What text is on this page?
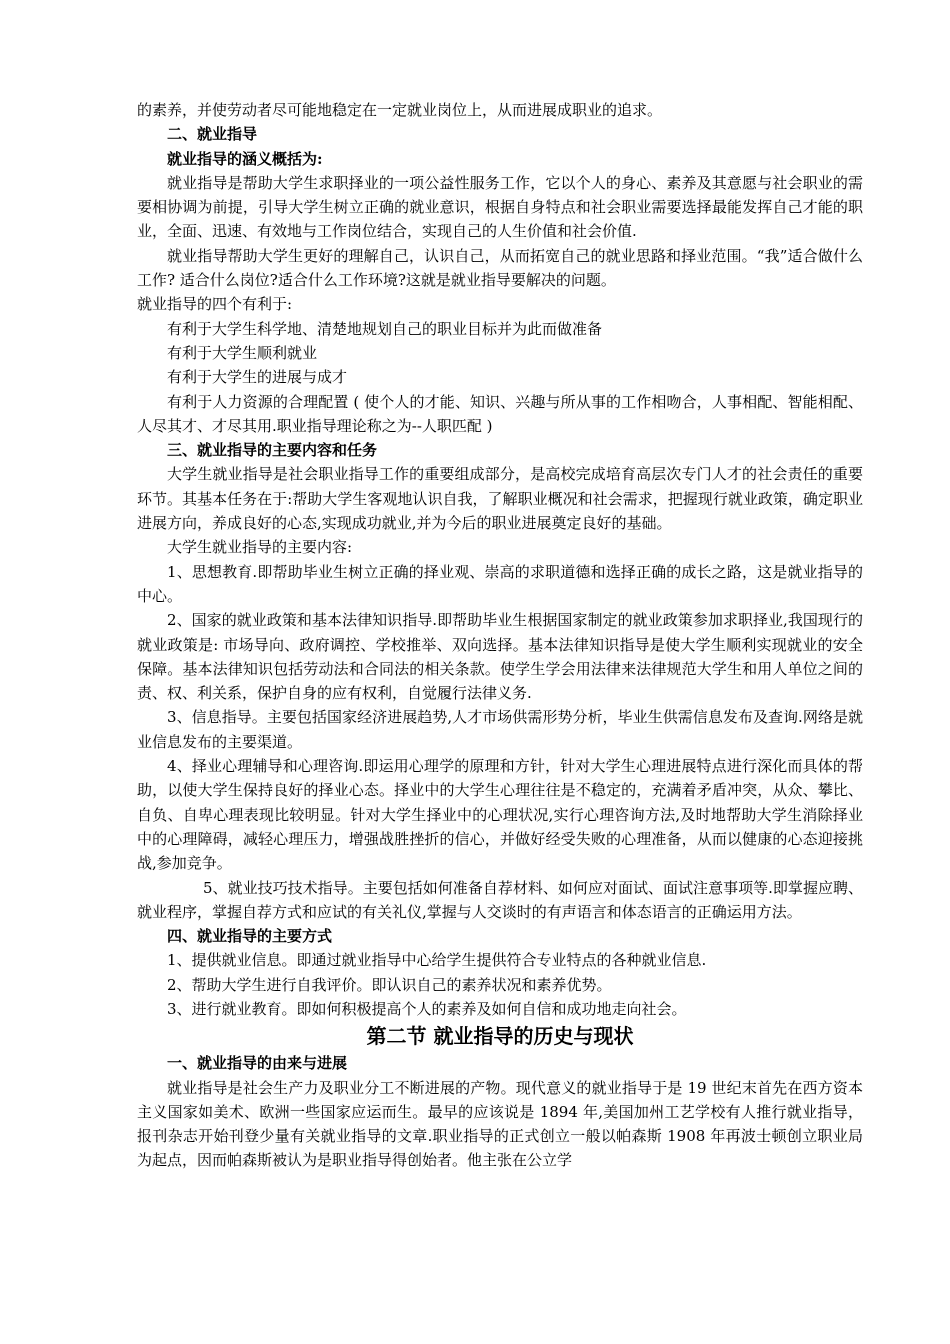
的素养，并使劳动者尽可能地稳定在一定就业岗位上，从而进展成职业的追求。

二、就业指导

就业指导的涵义概括为:

就业指导是帮助大学生求职择业的一项公益性服务工作，它以个人的身心、素养及其意愿与社会职业的需要相协调为前提，引导大学生树立正确的就业意识，根据自身特点和社会职业需要选择最能发挥自己才能的职业，全面、迅速、有效地与工作岗位结合，实现自己的人生价值和社会价值.

就业指导帮助大学生更好的理解自己，认识自己，从而拓宽自己的就业思路和择业范围。“我”适合做什么工作? 适合什么岗位?适合什么工作环境?这就是就业指导要解决的问题。

就业指导的四个有利于:

有利于大学生科学地、清楚地规划自己的职业目标并为此而做准备

有利于大学生顺利就业

有利于大学生的进展与成才

有利于人力资源的合理配置 ( 使个人的才能、知识、兴趣与所从事的工作相吻合，人事相配、智能相配、人尽其才、才尽其用.职业指导理论称之为--人职匹配 )

三、就业指导的主要内容和任务

大学生就业指导是社会职业指导工作的重要组成部分，是高校完成培育高层次专门人才的社会责任的重要环节。其基本任务在于:帮助大学生客观地认识自我，了解职业概况和社会需求，把握现行就业政策，确定职业进展方向，养成良好的心态,实现成功就业,并为今后的职业进展奠定良好的基础。

大学生就业指导的主要内容:

1、思想教育.即帮助毕业生树立正确的择业观、崇高的求职道德和选择正确的成长之路，这是就业指导的中心。

2、国家的就业政策和基本法律知识指导.即帮助毕业生根据国家制定的就业政策参加求职择业,我国现行的就业政策是: 市场导向、政府调控、学校推举、双向选择。基本法律知识指导是使大学生顺利实现就业的安全保障。基本法律知识包括劳动法和合同法的相关条款。使学生学会用法律来法律规范大学生和用人单位之间的责、权、利关系，保护自身的应有权利，自觉履行法律义务.

3、信息指导。主要包括国家经济进展趋势,人才市场供需形势分析，毕业生供需信息发布及查询.网络是就业信息发布的主要渠道。

4、择业心理辅导和心理咨询.即运用心理学的原理和方针，针对大学生心理进展特点进行深化而具体的帮助，以使大学生保持良好的择业心态。择业中的大学生心理往往是不稳定的，充满着矛盾冲突，从众、攀比、自负、自卑心理表现比较明显。针对大学生择业中的心理状况,实行心理咨询方法,及时地帮助大学生消除择业中的心理障碍，减轻心理压力，增强战胜挫折的信心，并做好经受失败的心理准备，从而以健康的心态迎接挑战,参加竞争。

5、就业技巧技术指导。主要包括如何准备自荐材料、如何应对面试、面试注意事项等.即掌握应聘、就业程序，掌握自荐方式和应试的有关礼仪,掌握与人交谈时的有声语言和体态语言的正确运用方法。

四、就业指导的主要方式

1、提供就业信息。即通过就业指导中心给学生提供符合专业特点的各种就业信息.

2、帮助大学生进行自我评价。即认识自己的素养状况和素养优势。

3、进行就业教育。即如何积极提高个人的素养及如何自信和成功地走向社会。

第二节 就业指导的历史与现状

一、就业指导的由来与进展

就业指导是社会生产力及职业分工不断进展的产物。现代意义的就业指导于是 19 世纪末首先在西方资本主义国家如美术、欧洲一些国家应运而生。最早的应该说是 1894 年,美国加州工艺学校有人推行就业指导，报刊杂志开始刊登少量有关就业指导的文章.职业指导的正式创立一般以帕森斯 1908 年再波士顿创立职业局为起点，因而帕森斯被认为是职业指导得创始者。他主张在公立学
